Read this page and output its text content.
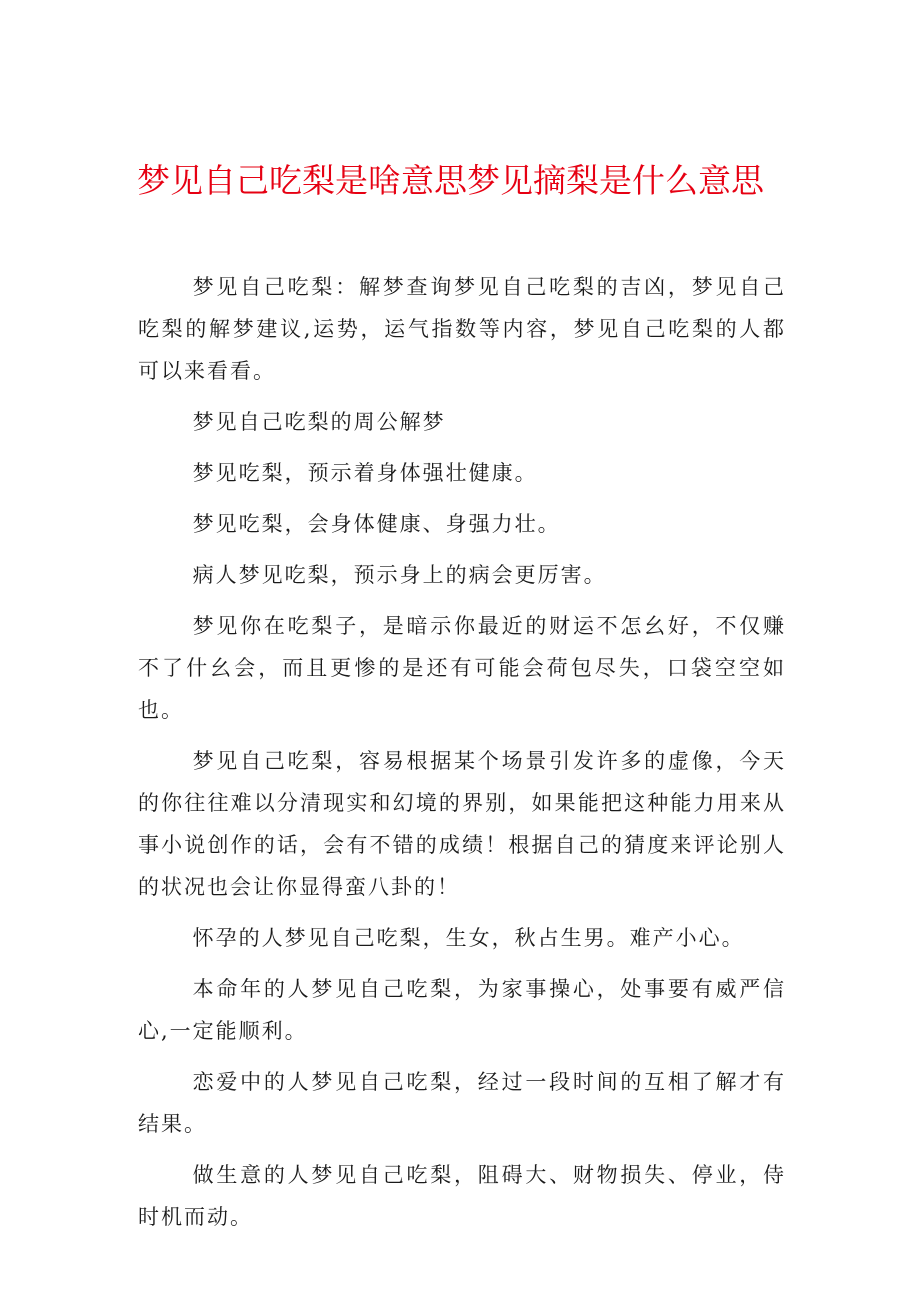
梦见自己吃梨是啥意思梦见摘梨是什么意思

梦见自己吃梨：解梦查询梦见自己吃梨的吉凶，梦见自己吃梨的解梦建议,运势，运气指数等内容，梦见自己吃梨的人都可以来看看。

梦见自己吃梨的周公解梦

梦见吃梨，预示着身体强壮健康。

梦见吃梨，会身体健康、身强力壮。

病人梦见吃梨，预示身上的病会更厉害。

梦见你在吃梨子，是暗示你最近的财运不怎幺好，不仅赚不了什幺会，而且更惨的是还有可能会荷包尽失，口袋空空如也。

梦见自己吃梨，容易根据某个场景引发许多的虚像，今天的你往往难以分清现实和幻境的界别，如果能把这种能力用来从事小说创作的话，会有不错的成绩！根据自己的猜度来评论别人的状况也会让你显得蛮八卦的！

怀孕的人梦见自己吃梨，生女，秋占生男。难产小心。

本命年的人梦见自己吃梨，为家事操心，处事要有威严信心,一定能顺利。

恋爱中的人梦见自己吃梨，经过一段时间的互相了解才有结果。

做生意的人梦见自己吃梨，阻碍大、财物损失、停业，侍时机而动。
